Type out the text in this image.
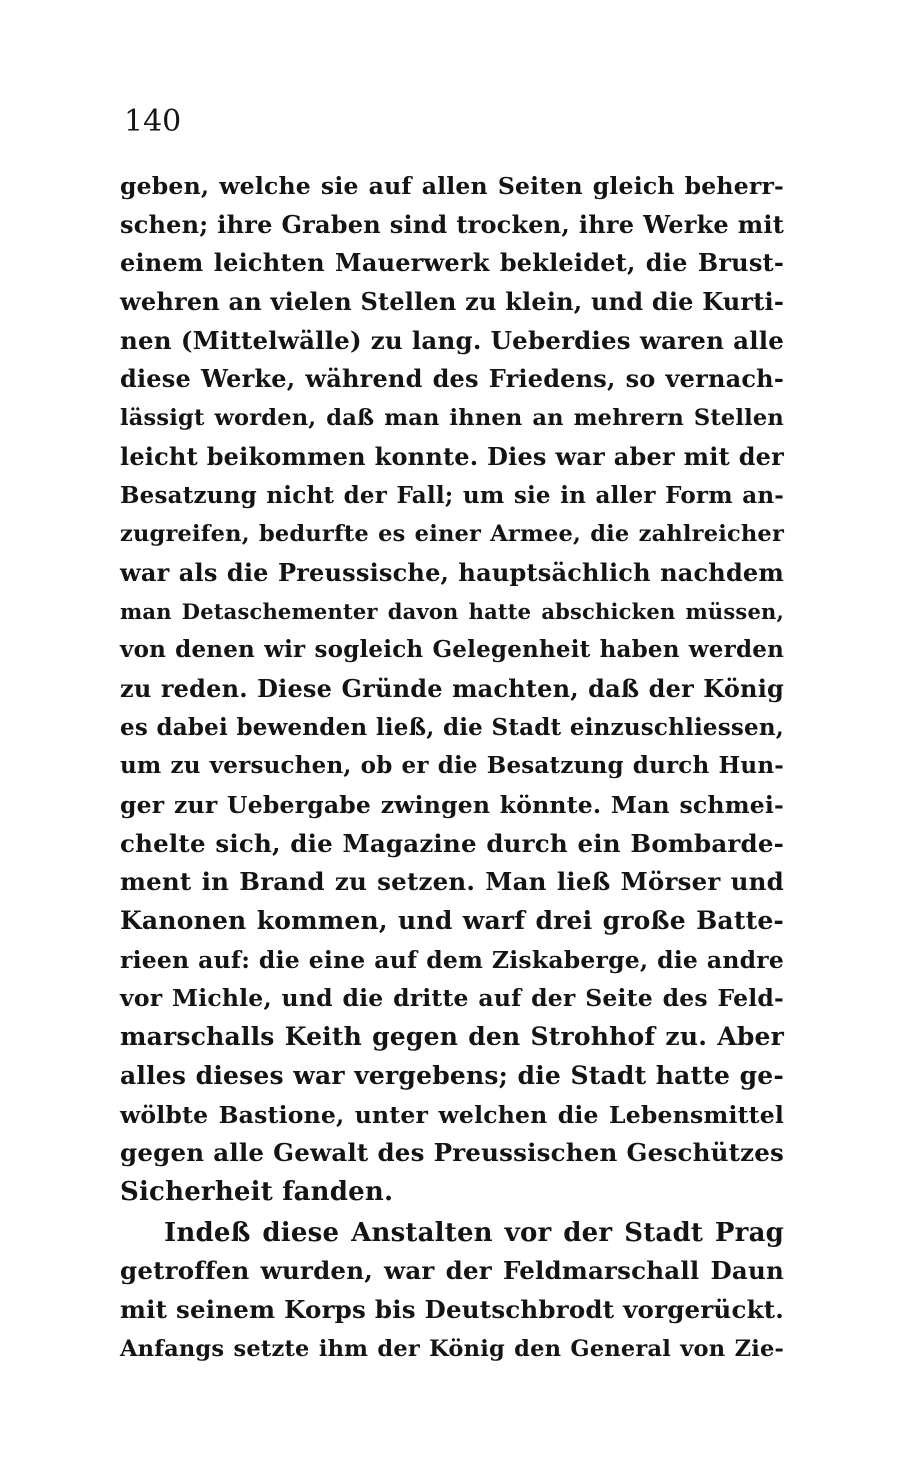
140
geben, welche sie auf allen Seiten gleich beherr-
schen; ihre Graben sind trocken, ihre Werke mit
einem leichten Mauerwerk bekleidet, die Brust-
wehren an vielen Stellen zu klein, und die Kurti-
nen (Mittelwälle) zu lang. Ueberdies waren alle
diese Werke, während des Friedens, so vernach-
lässigt worden, daß man ihnen an mehrern Stellen
leicht beikommen konnte. Dies war aber mit der
Besatzung nicht der Fall; um sie in aller Form an-
zugreifen, bedurfte es einer Armee, die zahlreicher
war als die Preussische, hauptsächlich nachdem
man Detaschementer davon hatte abschicken müssen,
von denen wir sogleich Gelegenheit haben werden
zu reden. Diese Gründe machten, daß der König
es dabei bewenden ließ, die Stadt einzuschliessen,
um zu versuchen, ob er die Besatzung durch Hun-
ger zur Uebergabe zwingen könnte. Man schmei-
chelte sich, die Magazine durch ein Bombarde-
ment in Brand zu setzen. Man ließ Mörser und
Kanonen kommen, und warf drei große Batte-
rieen auf: die eine auf dem Ziskaberge, die andre
vor Michle, und die dritte auf der Seite des Feld-
marschalls Keith gegen den Strohhof zu. Aber
alles dieses war vergebens; die Stadt hatte ge-
wölbte Bastione, unter welchen die Lebensmittel
gegen alle Gewalt des Preussischen Geschützes
Sicherheit fanden.
Indeß diese Anstalten vor der Stadt Prag
getroffen wurden, war der Feldmarschall Daun
mit seinem Korps bis Deutschbrodt vorgerückt.
Anfangs setzte ihm der König den General von Zie-
